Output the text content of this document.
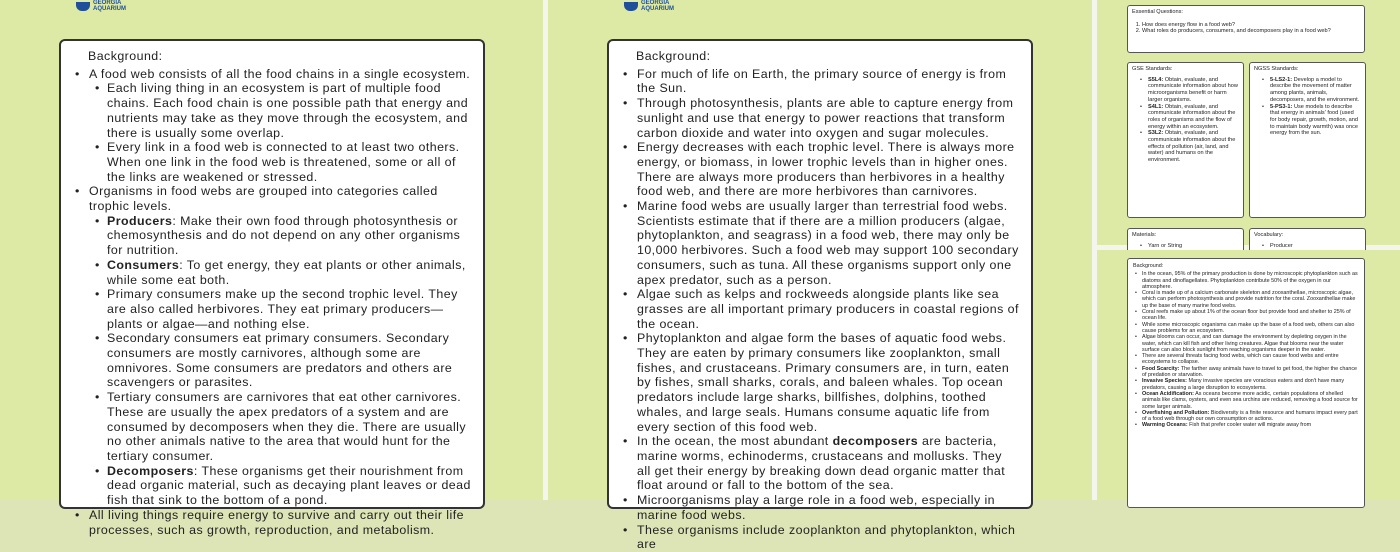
GEORGIA
AQUARIUM
Background:
• A food web consists of all the food chains in a single ecosystem.
• Each living thing in an ecosystem is part of multiple food chains. Each food chain is one possible path that energy and nutrients may take as they move through the ecosystem, and there is usually some overlap.
• Every link in a food web is connected to at least two others. When one link in the food web is threatened, some or all of the links are weakened or stressed.
• Organisms in food webs are grouped into categories called trophic levels.
• Producers: Make their own food through photosynthesis or chemosynthesis and do not depend on any other organisms for nutrition.
• Consumers: To get energy, they eat plants or other animals, while some eat both.
• Primary consumers make up the second trophic level. They are also called herbivores. They eat primary producers—plants or algae—and nothing else.
• Secondary consumers eat primary consumers. Secondary consumers are mostly carnivores, although some are omnivores. Some consumers are predators and others are scavengers or parasites.
• Tertiary consumers are carnivores that eat other carnivores. These are usually the apex predators of a system and are consumed by decomposers when they die. There are usually no other animals native to the area that would hunt for the tertiary consumer.
• Decomposers: These organisms get their nourishment from dead organic material, such as decaying plant leaves or dead fish that sink to the bottom of a pond.
• All living things require energy to survive and carry out their life processes, such as growth, reproduction, and metabolism.
GEORGIA
AQUARIUM
Background:
• For much of life on Earth, the primary source of energy is from the Sun.
• Through photosynthesis, plants are able to capture energy from sunlight and use that energy to power reactions that transform carbon dioxide and water into oxygen and sugar molecules.
• Energy decreases with each trophic level. There is always more energy, or biomass, in lower trophic levels than in higher ones. There are always more producers than herbivores in a healthy food web, and there are more herbivores than carnivores.
• Marine food webs are usually larger than terrestrial food webs. Scientists estimate that if there are a million producers (algae, phytoplankton, and seagrass) in a food web, there may only be 10,000 herbivores. Such a food web may support 100 secondary consumers, such as tuna. All these organisms support only one apex predator, such as a person.
• Algae such as kelps and rockweeds alongside plants like sea grasses are all important primary producers in coastal regions of the ocean.
• Phytoplankton and algae form the bases of aquatic food webs. They are eaten by primary consumers like zooplankton, small fishes, and crustaceans. Primary consumers are, in turn, eaten by fishes, small sharks, corals, and baleen whales. Top ocean predators include large sharks, billfishes, dolphins, toothed whales, and large seals. Humans consume aquatic life from every section of this food web.
• In the ocean, the most abundant decomposers are bacteria, marine worms, echinoderms, crustaceans and mollusks. They all get their energy by breaking down dead organic matter that float around or fall to the bottom of the sea.
• Microorganisms play a large role in a food web, especially in marine food webs.
• These organisms include zooplankton and phytoplankton, which are
Essential Questions:
1. How does energy flow in a food web?
2. What roles do producers, consumers, and decomposers play in a food web?
GSE Standards:
• S5L4: Obtain, evaluate, and communicate information about how microorganisms benefit or harm larger organisms.
• S4L1: Obtain, evaluate, and communicate information about the roles of organisms and the flow of energy within an ecosystem.
• S3L2: Obtain, evaluate, and communicate information about the effects of pollution (air, land, and water) and humans on the environment.
NGSS Standards:
• 5-LS2-1: Develop a model to describe the movement of matter among plants, animals, decomposers, and the environment.
• 5-PS3-1: Use models to describe that energy in animals' food (used for body repair, growth, motion, and to maintain body warmth) was once energy from the sun.
Materials:
• Yarn or String
Vocabulary:
• Producer
Background:
• In the ocean, 95% of the primary production is done by microscopic phytoplankton such as diatoms and dinoflagellates. Phytoplankton contribute 50% of the oxygen in our atmosphere.
• Coral is made up of a calcium carbonate skeleton and zooxanthellae, microscopic algae, which can perform photosynthesis and provide nutrition for the coral. Zooxanthellae make up the base of many marine food webs.
• Coral reefs make up about 1% of the ocean floor but provide food and shelter to 25% of ocean life.
• While some microscopic organisms can make up the base of a food web, others can also cause problems for an ecosystem.
• Algae blooms can occur, and can damage the environment by depleting oxygen in the water, which can kill fish and other living creatures. Algae that blooms near the water surface can also block sunlight from reaching organisms deeper in the water.
• There are several threats facing food webs, which can cause food webs and entire ecosystems to collapse.
• Food Scarcity: The farther away animals have to travel to get food, the higher the chance of predation or starvation.
• Invasive Species: Many invasive species are voracious eaters and don't have many predators, causing a large disruption to ecosystems.
• Ocean Acidification: As oceans become more acidic, certain populations of shelled animals like clams, oysters, and even sea urchins are reduced, removing a food source for some larger animals.
• Overfishing and Pollution: Biodiversity is a finite resource and humans impact every part of a food web through our own consumption or actions.
• Warming Oceans: Fish that prefer cooler water will migrate away from
